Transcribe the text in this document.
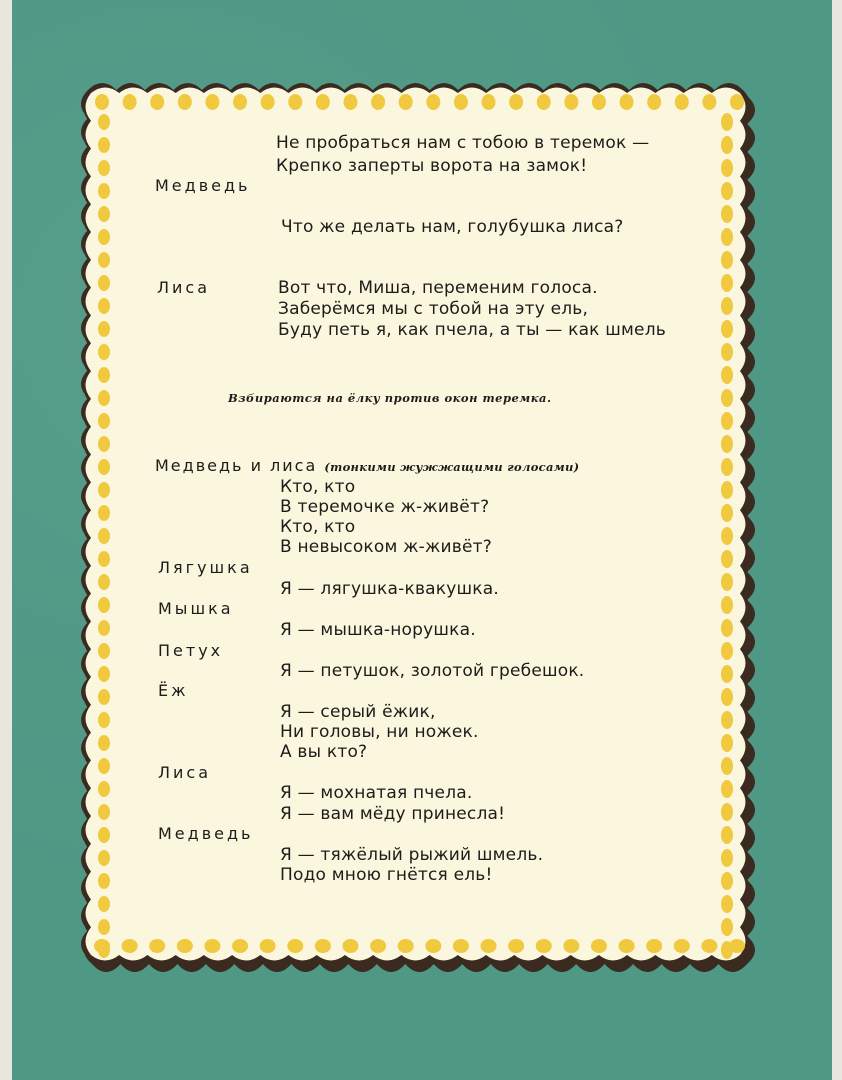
Не пробраться нам с тобою в теремок —
Крепко заперты ворота на замок!
Медведь
Что же делать нам, голубушка лиса?
Лиса	Вот что, Миша, переменим голоса.
Заберёмся мы с тобой на эту ель,
Буду петь я, как пчела, а ты — как шмель
Взбираются на ёлку против окон теремка.
Медведь и лиса (тонкими жужжащими голосами)
Кто, кто
В теремочке ж-живёт?
Кто, кто
В невысоком ж-живёт?
Лягушка
Я — лягушка-квакушка.
Мышка
Я — мышка-норушка.
Петух
Я — петушок, золотой гребешок.
Ёж
Я — серый ёжик,
Ни головы, ни ножек.
А вы кто?
Лиса
Я — мохнатая пчела.
Я — вам мёду принесла!
Медведь
Я — тяжёлый рыжий шмель.
Подо мною гнётся ель!
